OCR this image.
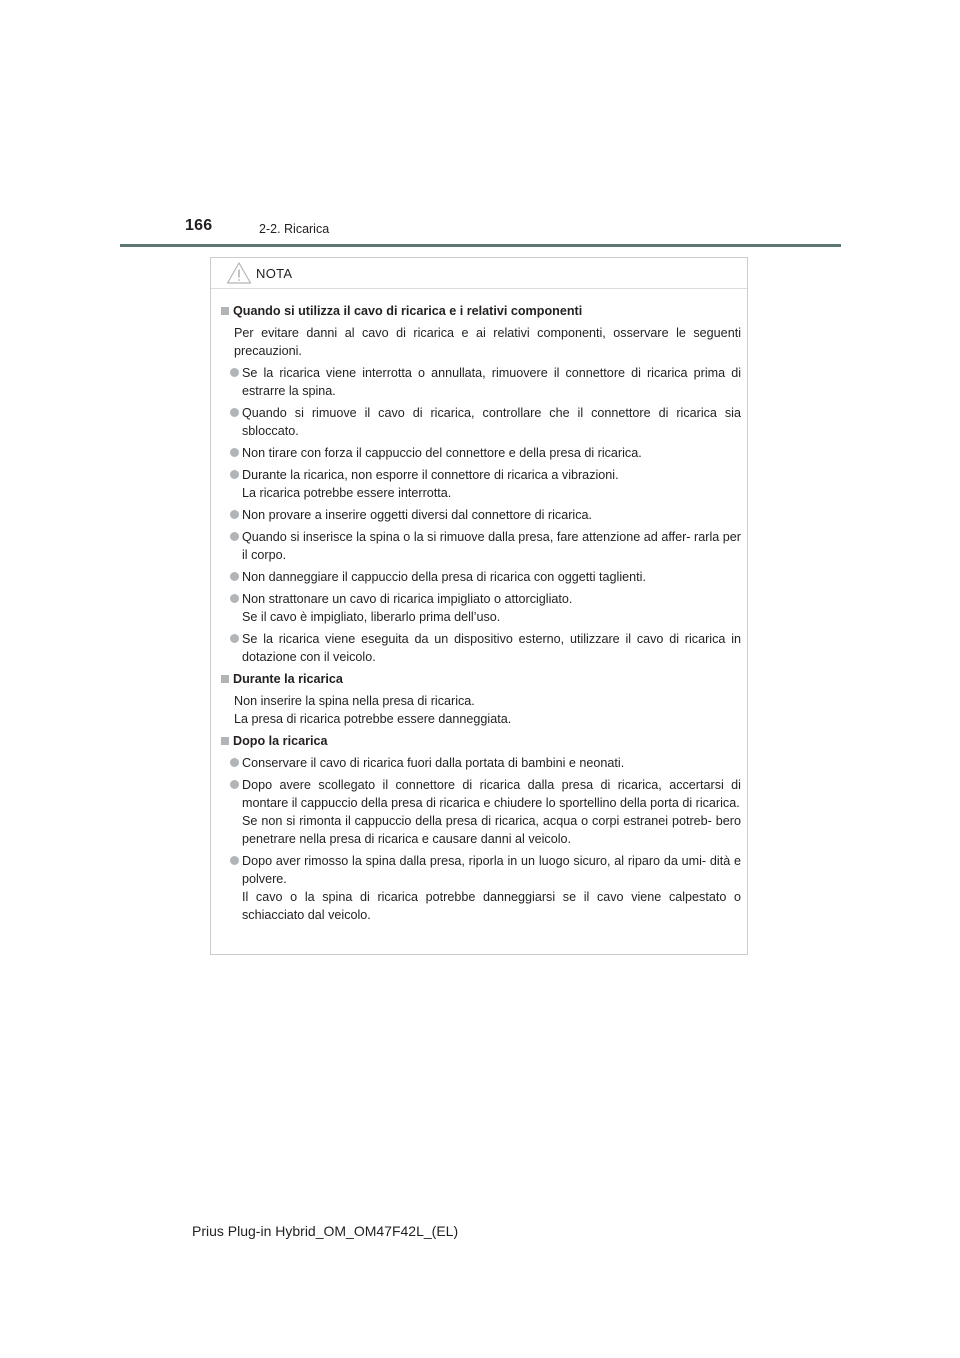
166	2-2. Ricarica
NOTA
Quando si utilizza il cavo di ricarica e i relativi componenti
Per evitare danni al cavo di ricarica e ai relativi componenti, osservare le seguenti precauzioni.
Se la ricarica viene interrotta o annullata, rimuovere il connettore di ricarica prima di estrarre la spina.
Quando si rimuove il cavo di ricarica, controllare che il connettore di ricarica sia sbloccato.
Non tirare con forza il cappuccio del connettore e della presa di ricarica.
Durante la ricarica, non esporre il connettore di ricarica a vibrazioni.
La ricarica potrebbe essere interrotta.
Non provare a inserire oggetti diversi dal connettore di ricarica.
Quando si inserisce la spina o la si rimuove dalla presa, fare attenzione ad affer- rarla per il corpo.
Non danneggiare il cappuccio della presa di ricarica con oggetti taglienti.
Non strattonare un cavo di ricarica impigliato o attorcigliato.
Se il cavo è impigliato, liberarlo prima dell’uso.
Se la ricarica viene eseguita da un dispositivo esterno, utilizzare il cavo di ricarica in dotazione con il veicolo.
Durante la ricarica
Non inserire la spina nella presa di ricarica.
La presa di ricarica potrebbe essere danneggiata.
Dopo la ricarica
Conservare il cavo di ricarica fuori dalla portata di bambini e neonati.
Dopo avere scollegato il connettore di ricarica dalla presa di ricarica, accertarsi di montare il cappuccio della presa di ricarica e chiudere lo sportellino della porta di ricarica.
Se non si rimonta il cappuccio della presa di ricarica, acqua o corpi estranei potreb- bero penetrare nella presa di ricarica e causare danni al veicolo.
Dopo aver rimosso la spina dalla presa, riporla in un luogo sicuro, al riparo da umi- dità e polvere.
Il cavo o la spina di ricarica potrebbe danneggiarsi se il cavo viene calpestato o schiacciato dal veicolo.
Prius Plug-in Hybrid_OM_OM47F42L_(EL)
